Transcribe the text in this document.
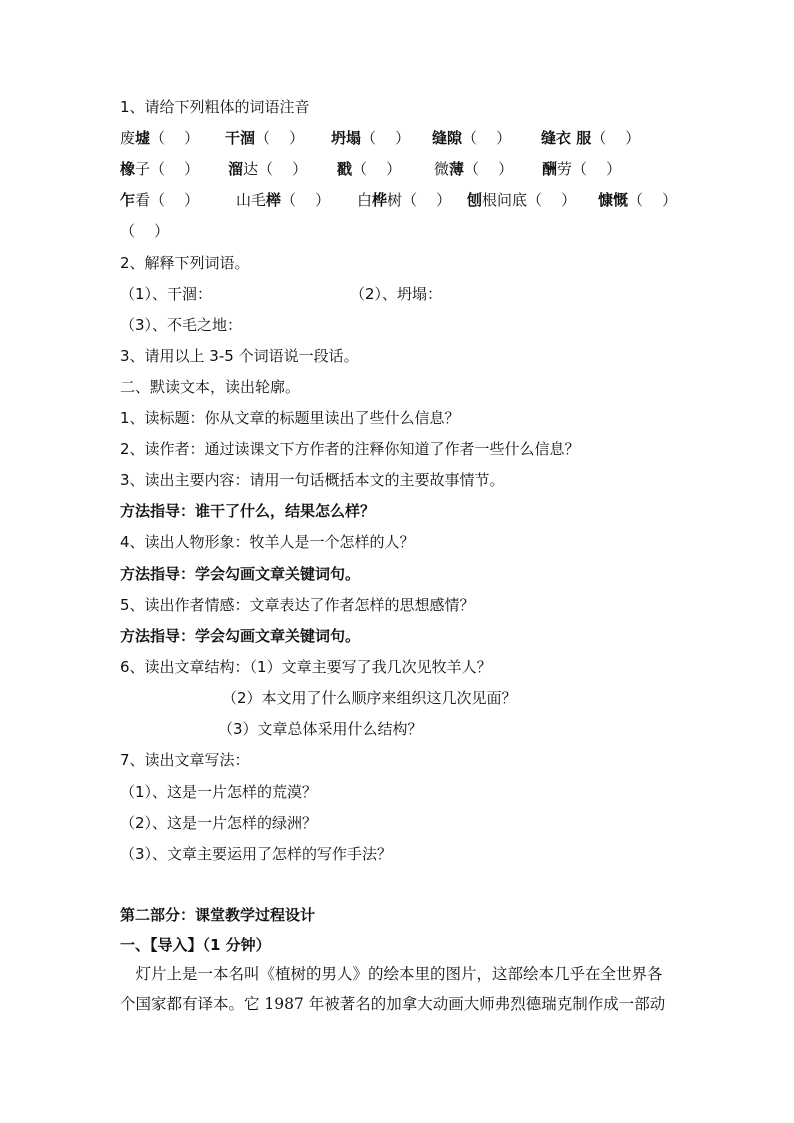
1、请给下列粗体的词语注音
废墟（    ） 干涸（    ） 坍塌（    ） 缝隙（    ） 缝衣 服（    ）
橡子（    ） 溜达（    ） 戳（    ） 微薄（    ） 酬劳（    ）
乍看（    ） 山毛榉（    ） 白桦树（    ） 刨根问底（    ） 慷慨（    ）
（    ）
2、解释下列词语。
（1）、干涸：	（2）、坍塌：
（3）、不毛之地：
3、请用以上 3-5 个词语说一段话。
二、默读文本，读出轮廓。
1、读标题：你从文章的标题里读出了些什么信息？
2、读作者：通过读课文下方作者的注释你知道了作者一些什么信息？
3、读出主要内容：请用一句话概括本文的主要故事情节。
方法指导：谁干了什么，结果怎么样？
4、读出人物形象：牧羊人是一个怎样的人？
方法指导：学会勾画文章关键词句。
5、读出作者情感：文章表达了作者怎样的思想感情？
方法指导：学会勾画文章关键词句。
6、读出文章结构：（1）文章主要写了我几次见牧羊人？
（2）本文用了什么顺序来组织这几次见面？
（3）文章总体采用什么结构？
7、读出文章写法：
（1）、这是一片怎样的荒漠？
（2）、这是一片怎样的绿洲？
（3）、文章主要运用了怎样的写作手法？
第二部分：课堂教学过程设计
一、【导入】（1 分钟）
　灯片上是一本名叫《植树的男人》的绘本里的图片，这部绘本几乎在全世界各
个国家都有译本。它 1987 年被著名的加拿大动画大师弗烈德瑞克制作成一部动
